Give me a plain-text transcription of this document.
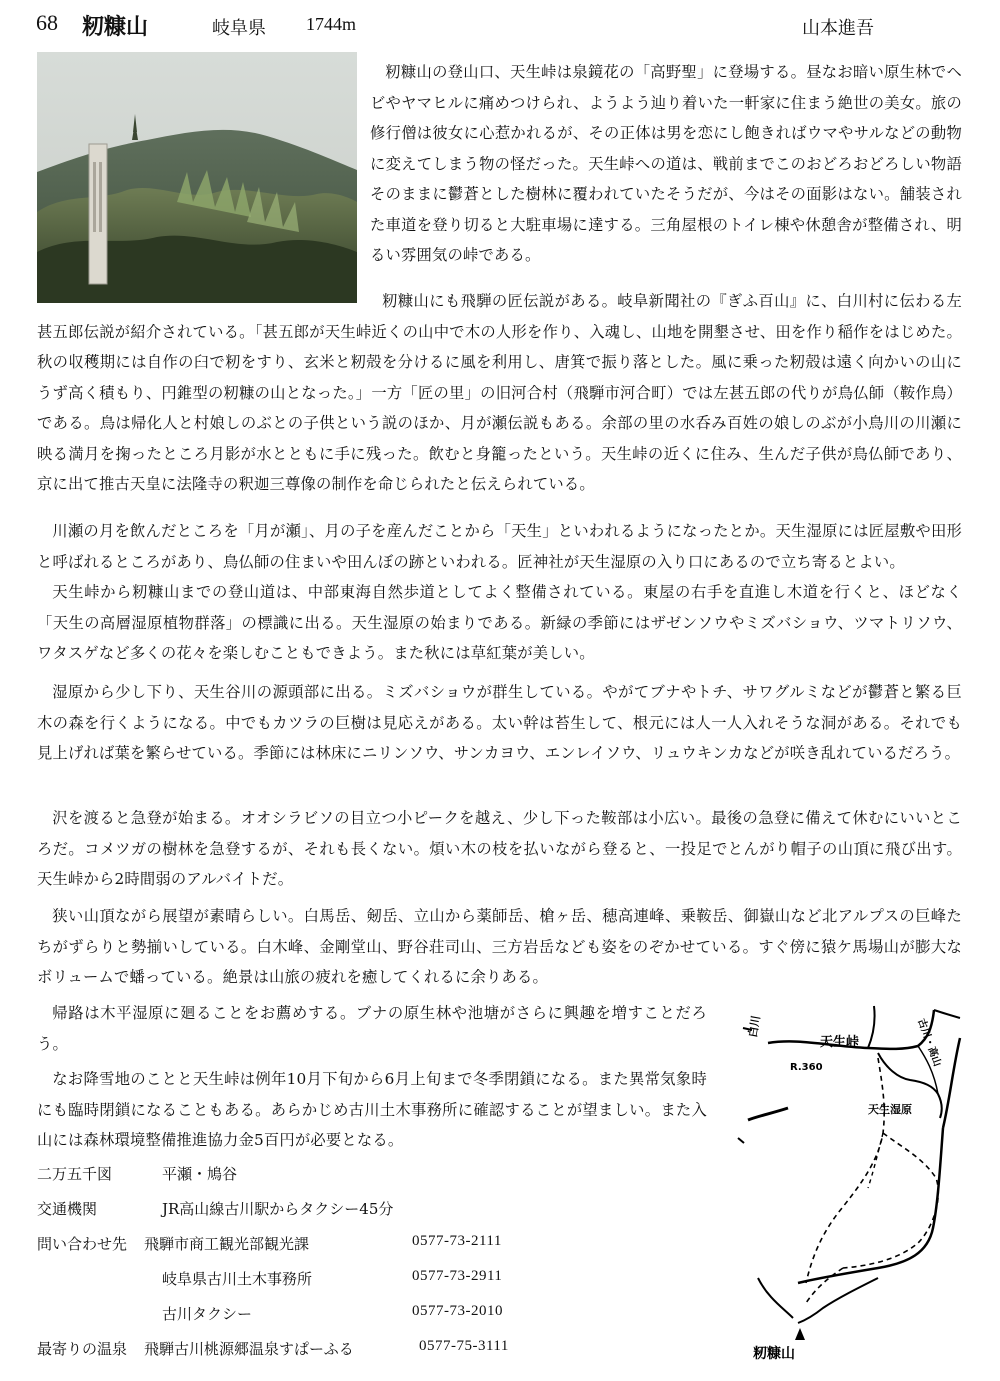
68 籾糠山	岐阜県 1744m	山本進吾

籾糠山の登山口、天生峠は泉鏡花の「高野聖」に登場する。昼なお暗い原生林でヘビやヤマヒルに痛めつけられ、ようよう辿り着いた一軒家に住まう絶世の美女。旅の修行僧は彼女に心惹かれるが、その正体は男を恋にし飽きればウマやサルなどの動物に変えてしまう物の怪だった。天生峠への道は、戦前までこのおどろおどろしい物語そのままに鬱蒼とした樹林に覆われていたそうだが、今はその面影はない。舗装された車道を登り切ると大駐車場に達する。三角屋根のトイレ棟や休憩舎が整備され、明るい雰囲気の峠である。

籾糠山にも飛騨の匠伝説がある。岐阜新聞社の『ぎふ百山』に、白川村に伝わる左甚五郎伝説が紹介されている。「甚五郎が天生峠近くの山中で木の人形を作り、入魂し、山地を開墾させ、田を作り稲作をはじめた。秋の収穫期には自作の臼で籾をすり、玄米と籾殻を分けるに風を利用し、唐箕で振り落とした。風に乗った籾殻は遠く向かいの山にうず高く積もり、円錐型の籾糠の山となった。」一方「匠の里」の旧河合村（飛騨市河合町）では左甚五郎の代りが鳥仏師（鞍作鳥）である。鳥は帰化人と村娘しのぶとの子供という説のほか、月が瀬伝説もある。余部の里の水呑み百姓の娘しのぶが小鳥川の川瀬に映る満月を掬ったところ月影が水とともに手に残った。飲むと身籠ったという。天生峠の近くに住み、生んだ子供が鳥仏師であり、京に出て推古天皇に法隆寺の釈迦三尊像の制作を命じられたと伝えられている。

川瀬の月を飲んだところを「月が瀬」、月の子を産んだことから「天生」といわれるようになったとか。天生湿原には匠屋敷や田形と呼ばれるところがあり、鳥仏師の住まいや田んぼの跡といわれる。匠神社が天生湿原の入り口にあるので立ち寄るとよい。

天生峠から籾糠山までの登山道は、中部東海自然歩道としてよく整備されている。東屋の右手を直進し木道を行くと、ほどなく「天生の高層湿原植物群落」の標識に出る。天生湿原の始まりである。新緑の季節にはザゼンソウやミズバショウ、ツマトリソウ、ワタスゲなど多くの花々を楽しむこともできよう。また秋には草紅葉が美しい。

湿原から少し下り、天生谷川の源頭部に出る。ミズバショウが群生している。やがてブナやトチ、サワグルミなどが鬱蒼と繁る巨木の森を行くようになる。中でもカツラの巨樹は見応えがある。太い幹は苔生して、根元には人一人入れそうな洞がある。それでも見上げれば葉を繁らせている。季節には林床にニリンソウ、サンカヨウ、エンレイソウ、リュウキンカなどが咲き乱れているだろう。

沢を渡ると急登が始まる。オオシラビソの目立つ小ピークを越え、少し下った鞍部は小広い。最後の急登に備えて休むにいいところだ。コメツガの樹林を急登するが、それも長くない。煩い木の枝を払いながら登ると、一投足でとんがり帽子の山頂に飛び出す。天生峠から2時間弱のアルバイトだ。

狭い山頂ながら展望が素晴らしい。白馬岳、剱岳、立山から薬師岳、槍ヶ岳、穂高連峰、乗鞍岳、御嶽山など北アルプスの巨峰たちがずらりと勢揃いしている。白木峰、金剛堂山、野谷荘司山、三方岩岳なども姿をのぞかせている。すぐ傍に猿ケ馬場山が膨大なボリュームで蟠っている。絶景は山旅の疲れを癒してくれるに余りある。

帰路は木平湿原に廻ることをお薦めする。ブナの原生林や池塘がさらに興趣を増すことだろう。

なお降雪地のことと天生峠は例年10月下旬から6月上旬まで冬季閉鎖になる。また異常気象時にも臨時閉鎖になることもある。あらかじめ古川土木事務所に確認することが望ましい。また入山には森林環境整備推進協力金5百円が必要となる。

二万五千図	平瀬・鳩谷
交通機関	JR高山線古川駅からタクシー45分
問い合わせ先 飛騨市商工観光部観光課	0577-73-2111
岐阜県古川土木事務所	0577-73-2911
古川タクシー	0577-73-2010
最寄りの温泉 飛騨古川桃源郷温泉すぱーふる	0577-75-3111
天生峠
R.360
白川	古川・高山
天生湿原
籾糠山
